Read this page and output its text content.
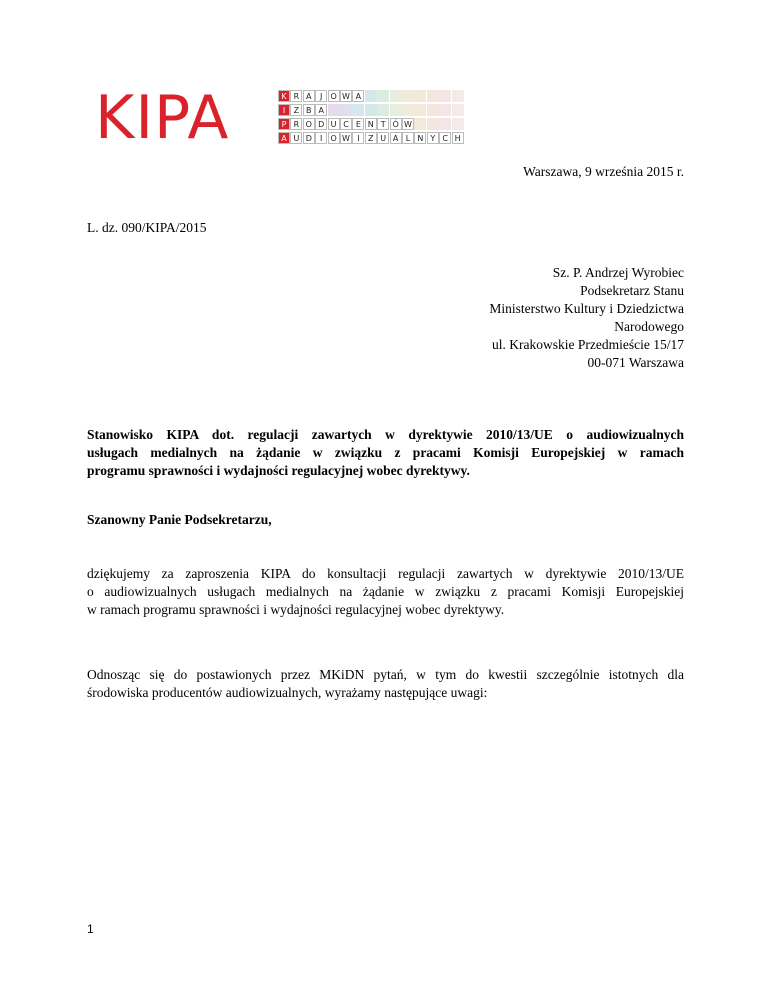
KIPA	K R A	J	O W A
I	Z B A
P R O D U C E N T Ó W
A U D	I	O W I	Z U A L N Y C H
Warszawa, 9 września 2015 r.
L. dz. 090/KIPA/2015
Sz. P. Andrzej Wyrobiec
Podsekretarz Stanu
Ministerstwo Kultury i Dziedzictwa
Narodowego
ul. Krakowskie Przedmieście 15/17
00-071 Warszawa
Stanowisko KIPA dot. regulacji zawartych w dyrektywie 2010/13/UE o audiowizualnych
usługach medialnych na żądanie w związku z pracami Komisji Europejskiej w ramach
programu sprawności i wydajności regulacyjnej wobec dyrektywy.
Szanowny Panie Podsekretarzu,
dziękujemy za zaproszenia KIPA do konsultacji regulacji zawartych w dyrektywie 2010/13/UE
o audiowizualnych usługach medialnych na żądanie w związku z pracami Komisji Europejskiej
w ramach programu sprawności i wydajności regulacyjnej wobec dyrektywy.
Odnosząc się do postawionych przez MKiDN pytań, w tym do kwestii szczególnie istotnych dla
środowiska producentów audiowizualnych, wyrażamy następujące uwagi:
1
